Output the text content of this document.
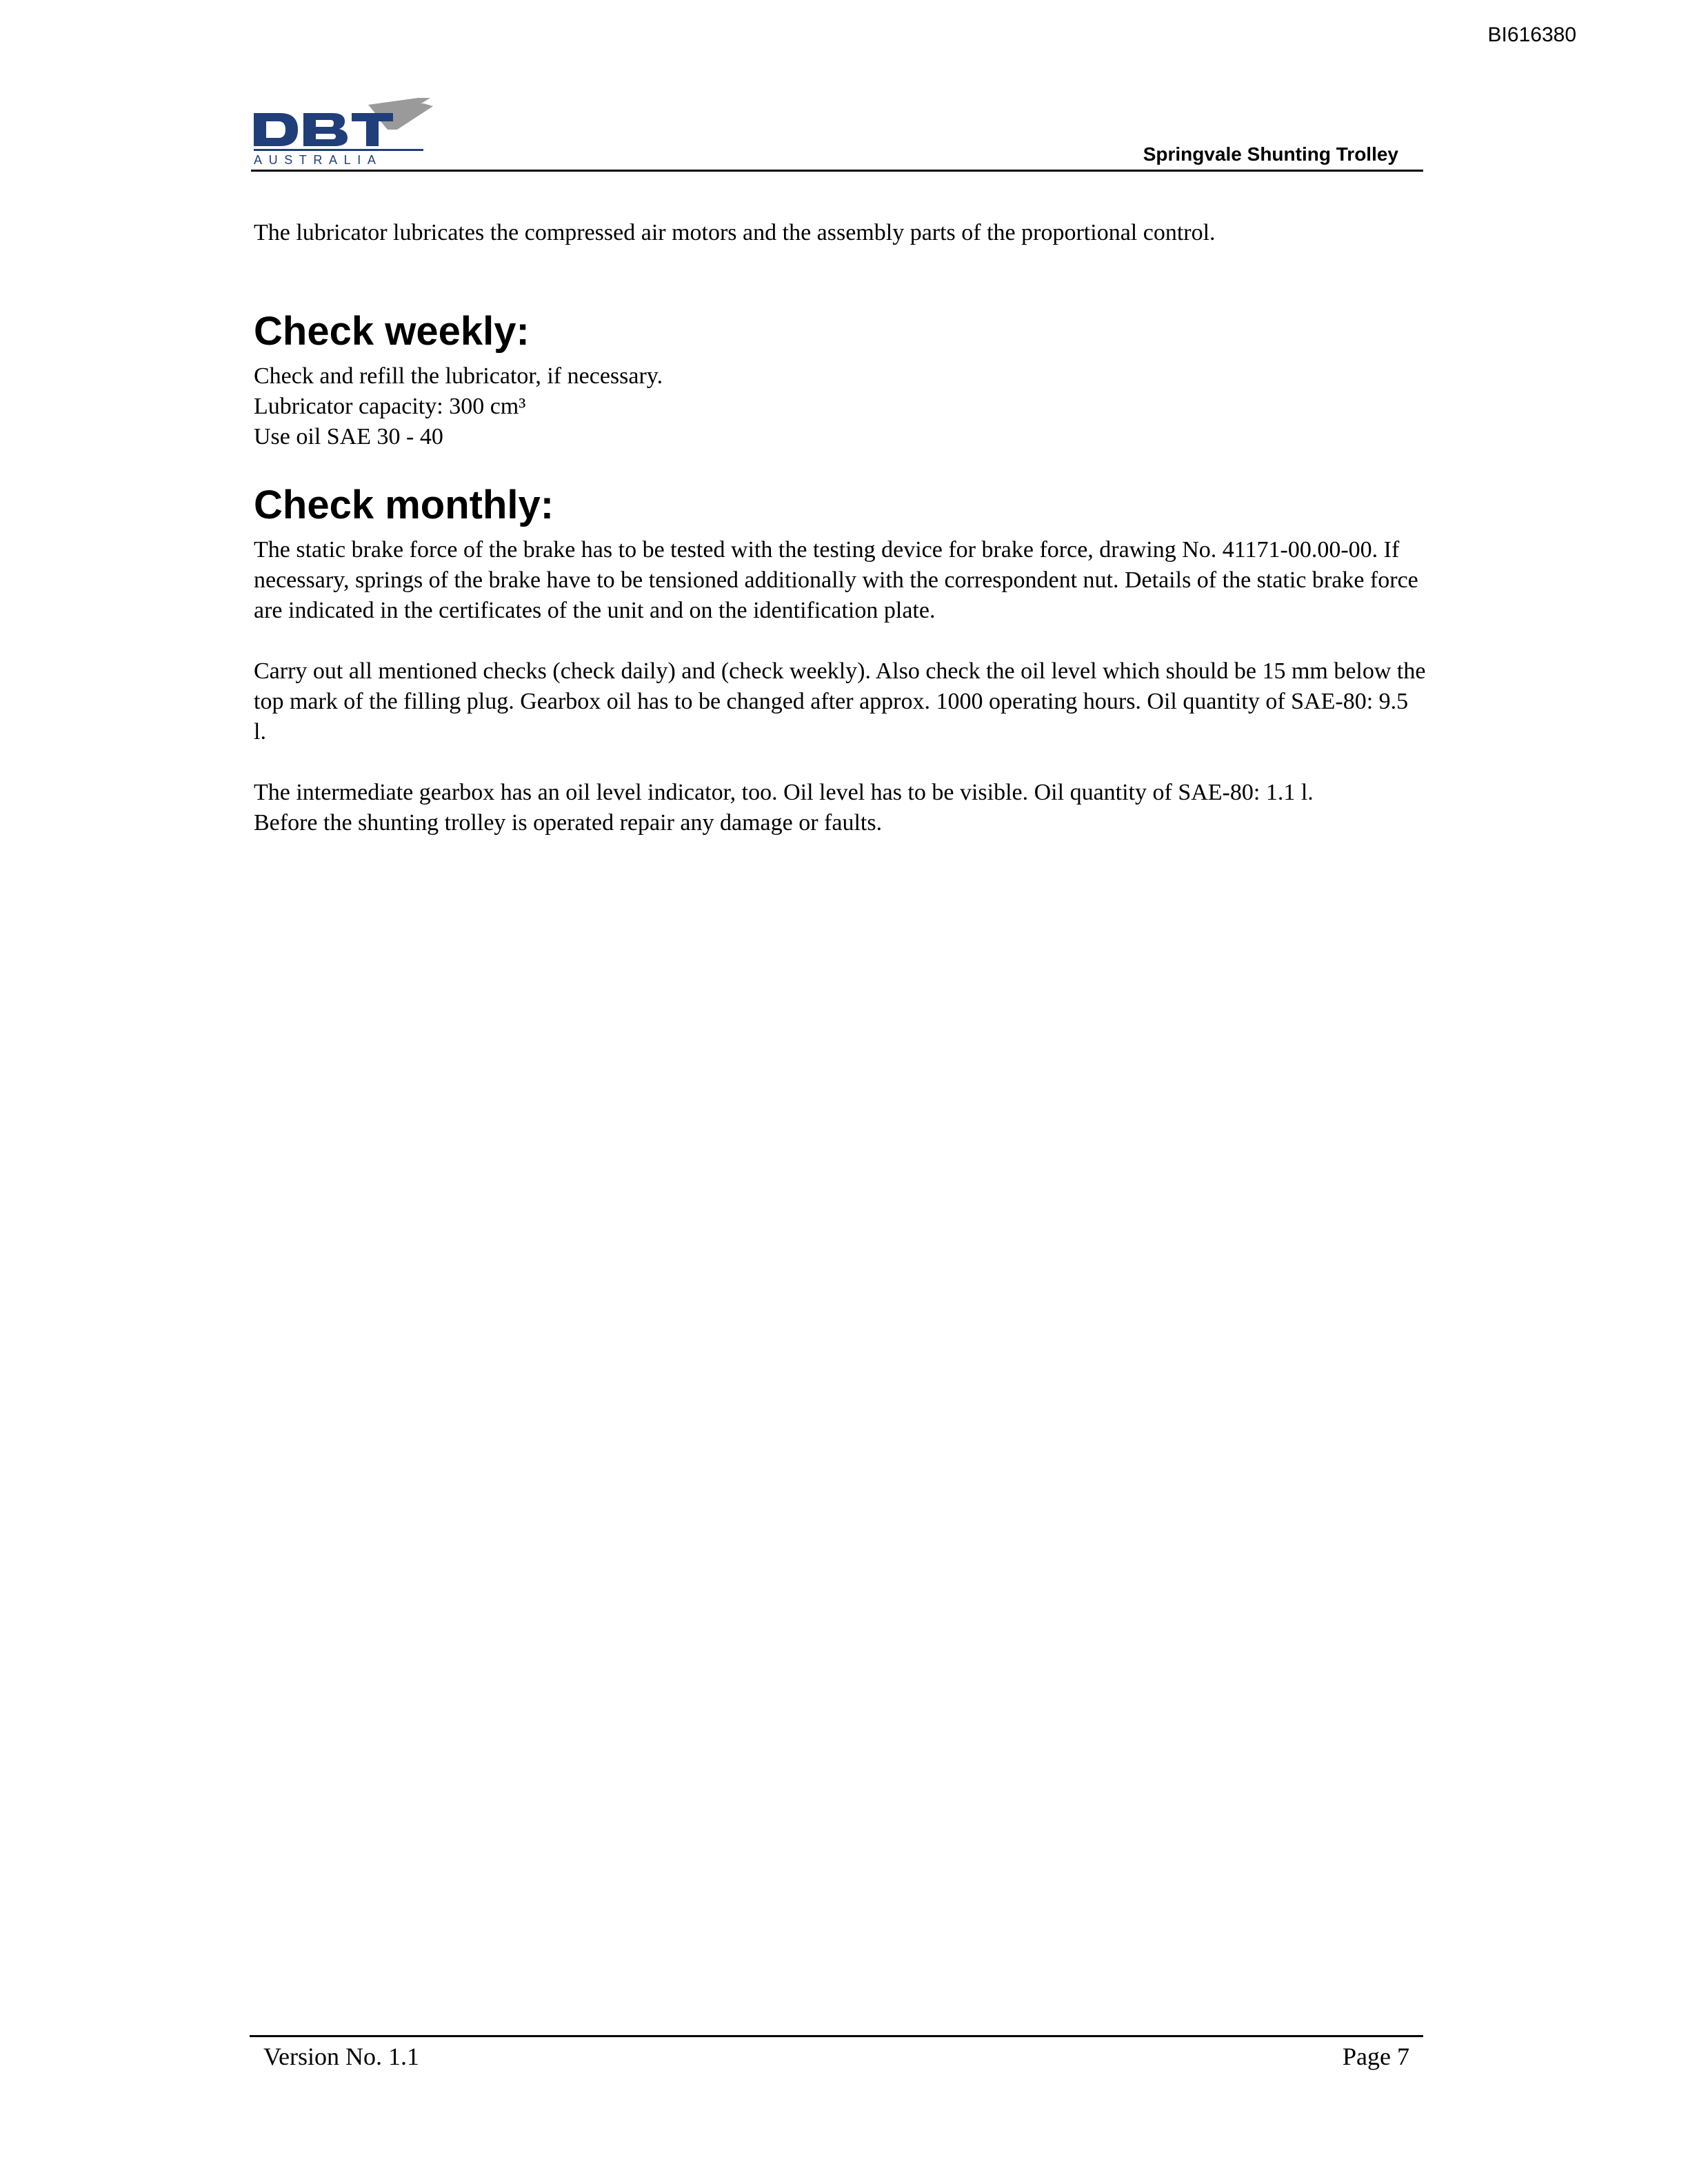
BI616380
AUSTRALIA	Springvale Shunting Trolley

The lubricator lubricates the compressed air motors and the assembly parts of the proportional control.

Check weekly:

Check and refill the lubricator, if necessary.

Lubricator capacity: 300 cm³

Use oil SAE 30 - 40

Check monthly:

The static brake force of the brake has to be tested with the testing device for brake force, drawing No. 41171-00.00-00. If necessary, springs of the brake have to be tensioned additionally with the correspondent nut. Details of the static brake force are indicated in the certificates of the unit and on the identification plate.

Carry out all mentioned checks (check daily) and (check weekly). Also check the oil level which should be 15 mm below the top mark of the filling plug. Gearbox oil has to be changed after approx. 1000 operating hours. Oil quantity of SAE-80: 9.5 l.

The intermediate gearbox has an oil level indicator, too. Oil level has to be visible. Oil quantity of SAE-80: 1.1 l.

Before the shunting trolley is operated repair any damage or faults.

Version No. 1.1	Page 7
